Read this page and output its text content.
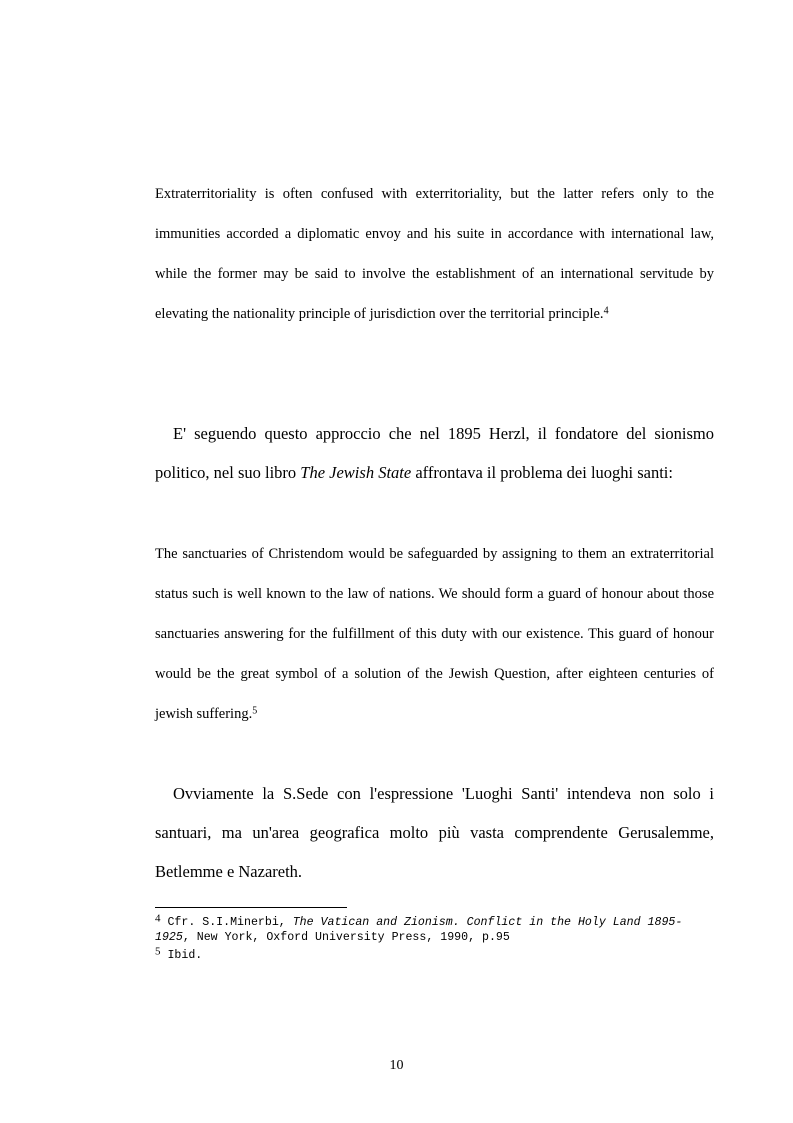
Extraterritoriality is often confused with exterritoriality, but the latter refers only to the immunities accorded a diplomatic envoy and his suite in accordance with international law, while the former may be said to involve the establishment of an international servitude by elevating the nationality principle of jurisdiction over the territorial principle.$^4$

E' seguendo questo approccio che nel 1895 Herzl, il fondatore del sionismo politico, nel suo libro The Jewish State affrontava il problema dei luoghi santi:

The sanctuaries of Christendom would be safeguarded by assigning to them an extraterritorial status such is well known to the law of nations. We should form a guard of honour about those sanctuaries answering for the fulfillment of this duty with our existence. This guard of honour would be the great symbol of a solution of the Jewish Question, after eighteen centuries of jewish suffering.$^5$

Ovviamente la S.Sede con l'espressione 'Luoghi Santi' intendeva non solo i santuari, ma un'area geografica molto più vasta comprendente Gerusalemme, Betlemme e Nazareth.

4 Cfr. S.I.Minerbi, The Vatican and Zionism. Conflict in the Holy Land 1895-1925, New York, Oxford University Press, 1990, p.95

5 Ibid.

10
